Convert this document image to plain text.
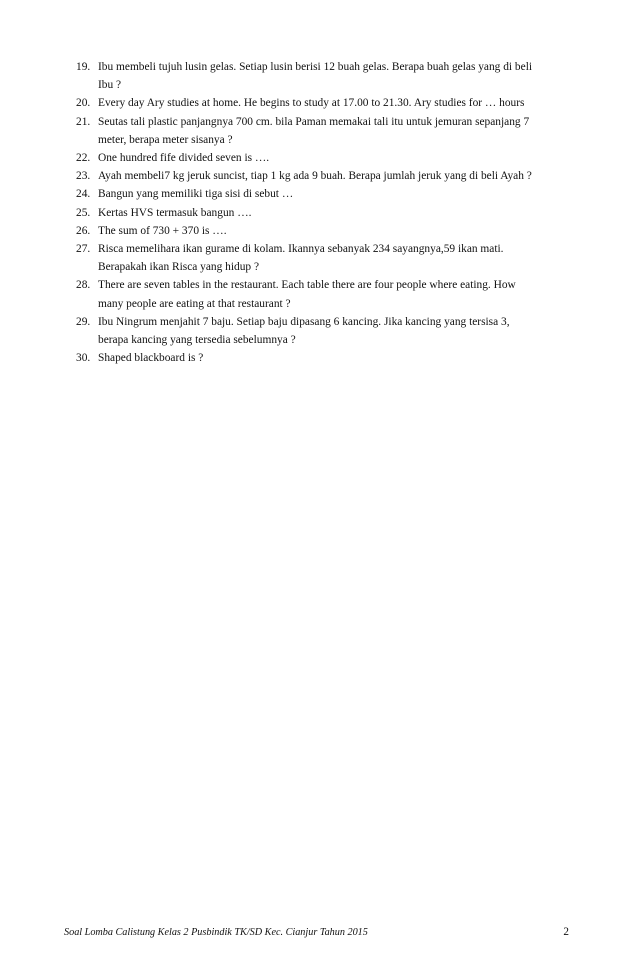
19. Ibu membeli tujuh lusin gelas. Setiap lusin berisi 12 buah gelas. Berapa buah gelas yang di beli
Ibu ?
20. Every day Ary studies at home. He begins to study at 17.00 to 21.30. Ary studies for … hours
21. Seutas tali plastic panjangnya 700 cm. bila Paman memakai tali itu untuk jemuran sepanjang 7
meter, berapa meter sisanya ?
22. One hundred fife divided seven is ….
23. Ayah membeli7 kg jeruk suncist, tiap 1 kg ada 9 buah. Berapa jumlah jeruk yang di beli Ayah ?
24. Bangun yang memiliki tiga sisi di sebut …
25. Kertas HVS termasuk bangun ….
26. The sum of 730 + 370 is ….
27. Risca memelihara ikan gurame di kolam. Ikannya sebanyak 234 sayangnya,59 ikan mati.
Berapakah ikan Risca yang hidup ?
28. There are seven tables in the restaurant. Each table there are four people where eating. How
many people are eating at that restaurant ?
29. Ibu Ningrum menjahit 7 baju. Setiap baju dipasang 6 kancing. Jika kancing yang tersisa 3,
berapa kancing yang tersedia sebelumnya ?
30. Shaped blackboard is ?
Soal Lomba Calistung Kelas 2 Pusbindik TK/SD Kec. Cianjur Tahun 2015	2
